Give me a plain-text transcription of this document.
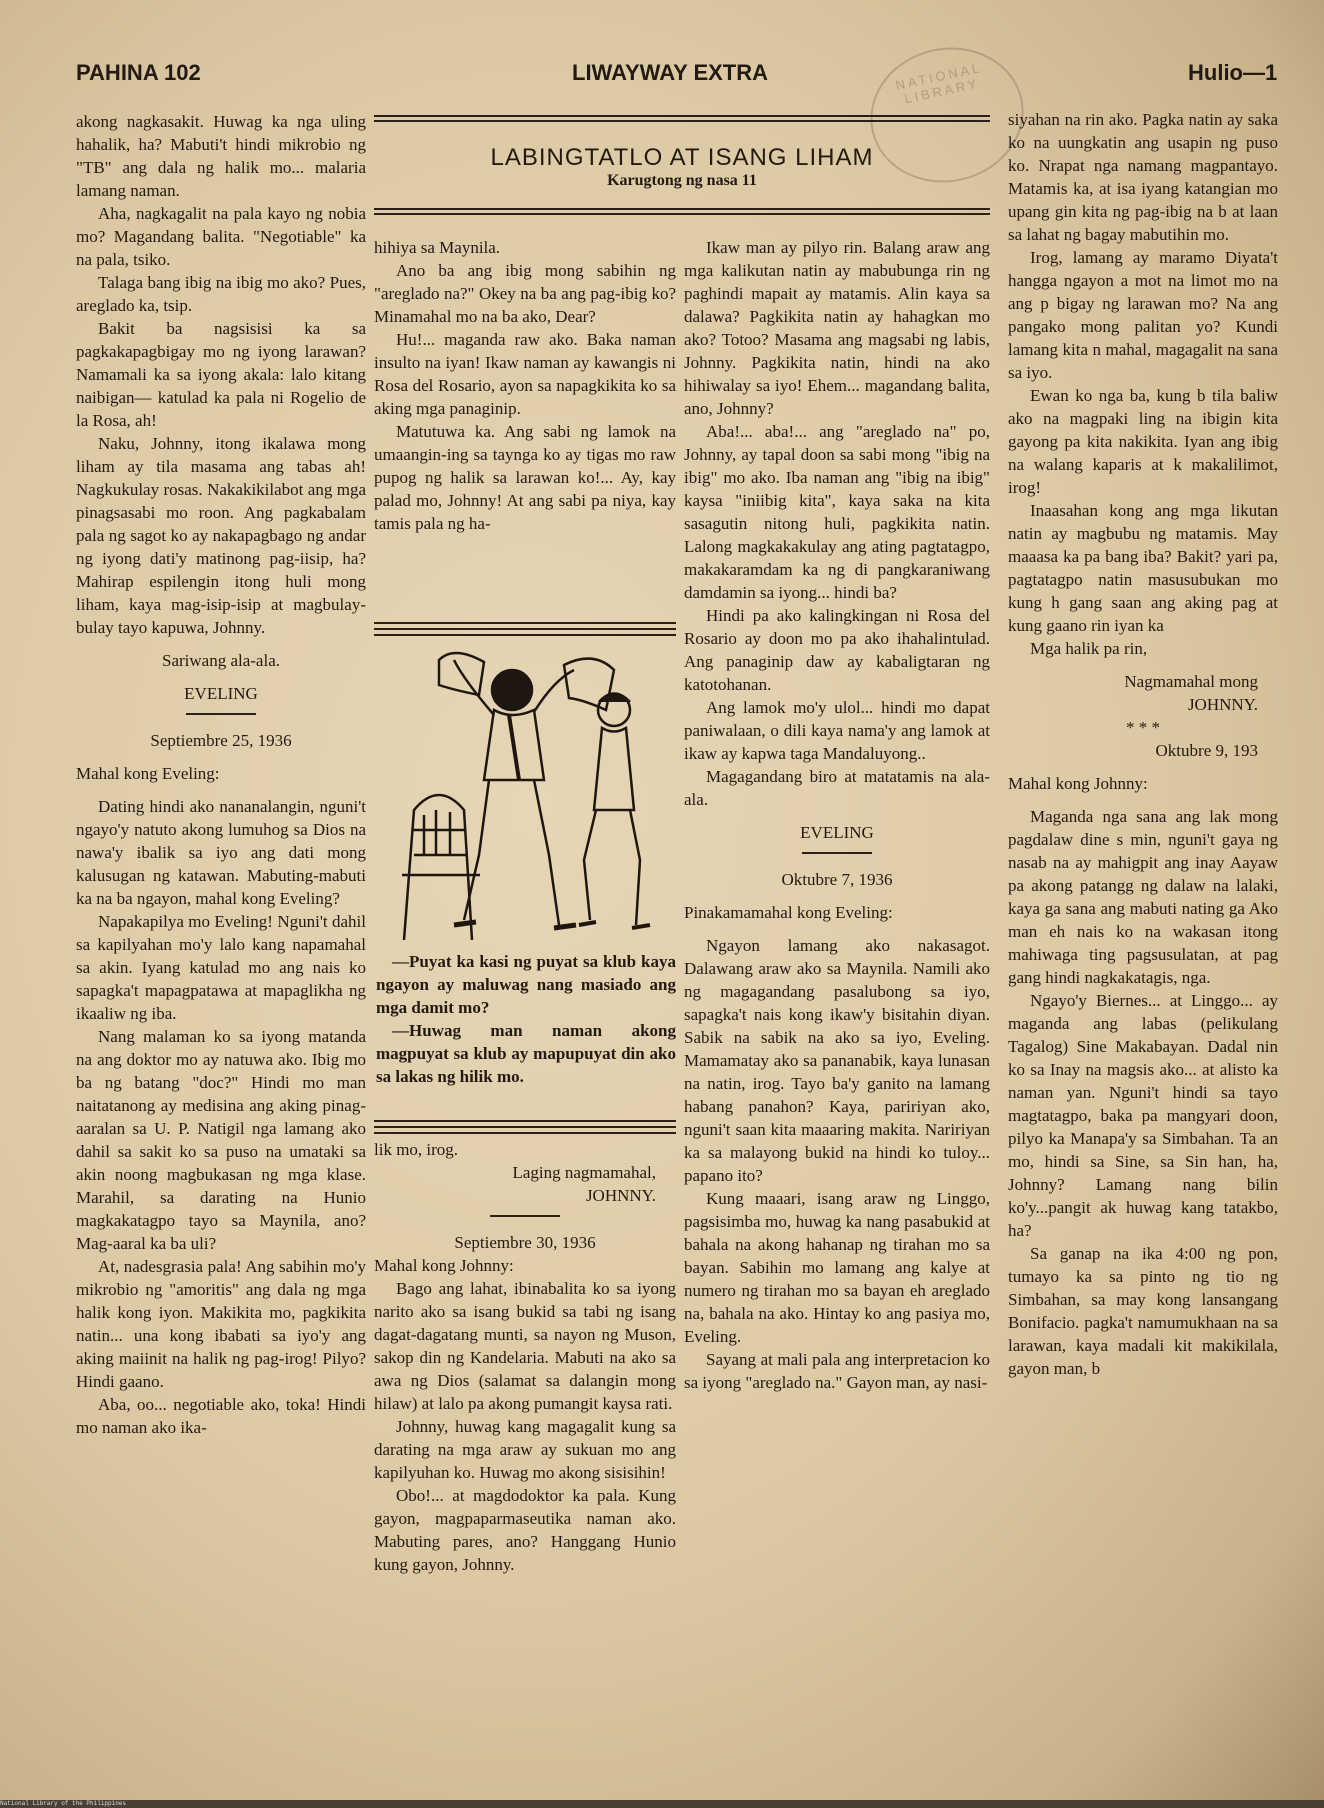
PAHINA 102	LIWAYWAY EXTRA	Hulio—1
NATIONAL LIBRARY

akong nagkasakit. Huwag ka nga uling hahalik, ha? Mabuti't hindi mikrobio ng "TB" ang dala ng halik mo... malaria lamang naman.

Aha, nagkagalit na pala kayo ng nobia mo? Magandang balita. "Negotiable" ka na pala, tsiko.

Talaga bang ibig na ibig mo ako? Pues, areglado ka, tsip.

Bakit ba nagsisisi ka sa pagkakapagbigay mo ng iyong larawan? Namamali ka sa iyong akala: lalo kitang naibigan— katulad ka pala ni Rogelio de la Rosa, ah!

Naku, Johnny, itong ikalawa mong liham ay tila masama ang tabas ah! Nagkukulay rosas. Nakakikilabot ang mga pinagsasabi mo roon. Ang pagkabalam pala ng sagot ko ay nakapagbago ng andar ng iyong dati'y matinong pag-iisip, ha? Mahirap espilengin itong huli mong liham, kaya mag-isip-isip at magbulay-bulay tayo kapuwa, Johnny.

Sariwang ala-ala.

EVELING

Septiembre 25, 1936

Mahal kong Eveling:

Dating hindi ako nananalangin, nguni't ngayo'y natuto akong lumuhog sa Dios na nawa'y ibalik sa iyo ang dati mong kalusugan ng katawan. Mabuting-mabuti ka na ba ngayon, mahal kong Eveling?

Napakapilya mo Eveling! Nguni't dahil sa kapilyahan mo'y lalo kang napamahal sa akin. Iyang katulad mo ang nais ko sapagka't mapagpatawa at mapaglikha ng ikaaliw ng iba.

Nang malaman ko sa iyong matanda na ang doktor mo ay natuwa ako. Ibig mo ba ng batang "doc?" Hindi mo man naitatanong ay medisina ang aking pinag-aaralan sa U. P. Natigil nga lamang ako dahil sa sakit ko sa puso na umataki sa akin noong magbukasan ng mga klase. Marahil, sa darating na Hunio magkakatagpo tayo sa Maynila, ano? Mag-aaral ka ba uli?

At, nadesgrasia pala! Ang sabihin mo'y mikrobio ng "amoritis" ang dala ng mga halik kong iyon. Makikita mo, pagkikita natin... una kong ibabati sa iyo'y ang aking maiinit na halik ng pag-irog! Pilyo? Hindi gaano.

Aba, oo... negotiable ako, toka! Hindi mo naman ako ika-

LABINGTATLO AT ISANG LIHAM
Karugtong ng nasa 11

hihiya sa Maynila.

Ano ba ang ibig mong sabihin ng "areglado na?" Okey na ba ang pag-ibig ko? Minamahal mo na ba ako, Dear?

Hu!... maganda raw ako. Baka naman insulto na iyan! Ikaw naman ay kawangis ni Rosa del Rosario, ayon sa napagkikita ko sa aking mga panaginip.

Matutuwa ka. Ang sabi ng lamok na umaangin-ing sa taynga ko ay tigas mo raw pupog ng halik sa larawan ko!... Ay, kay palad mo, Johnny! At ang sabi pa niya, kay tamis pala ng ha-

—Puyat ka kasi ng puyat sa klub kaya ngayon ay maluwag nang masiado ang mga damit mo?

—Huwag man naman akong magpuyat sa klub ay mapupuyat din ako sa lakas ng hilik mo.

lik mo, irog.

Laging nagmamahal,

JOHNNY.

Septiembre 30, 1936

Mahal kong Johnny:

Bago ang lahat, ibinabalita ko sa iyong narito ako sa isang bukid sa tabi ng isang dagat-dagatang munti, sa nayon ng Muson, sakop din ng Kandelaria. Mabuti na ako sa awa ng Dios (salamat sa dalangin mong hilaw) at lalo pa akong pumangit kaysa rati.

Johnny, huwag kang magagalit kung sa darating na mga araw ay sukuan mo ang kapilyuhan ko. Huwag mo akong sisisihin!

Obo!... at magdodoktor ka pala. Kung gayon, magpaparmaseutika naman ako. Mabuting pares, ano? Hanggang Hunio kung gayon, Johnny.

Ikaw man ay pilyo rin. Balang araw ang mga kalikutan natin ay mabubunga rin ng paghindi mapait ay matamis. Alin kaya sa dalawa? Pagkikita natin ay hahagkan mo ako? Totoo? Masama ang magsabi ng labis, Johnny. Pagkikita natin, hindi na ako hihiwalay sa iyo! Ehem... magandang balita, ano, Johnny?

Aba!... aba!... ang "areglado na" po, Johnny, ay tapal doon sa sabi mong "ibig na ibig" mo ako. Iba naman ang "ibig na ibig" kaysa "iniibig kita", kaya saka na kita sasagutin nitong huli, pagkikita natin. Lalong magkakakulay ang ating pagtatagpo, makakaramdam ka ng di pangkaraniwang damdamin sa iyong... hindi ba?

Hindi pa ako kalingkingan ni Rosa del Rosario ay doon mo pa ako ihahalintulad. Ang panaginip daw ay kabaligtaran ng katotohanan.

Ang lamok mo'y ulol... hindi mo dapat paniwalaan, o dili kaya nama'y ang lamok at ikaw ay kapwa taga Mandaluyong..

Magagandang biro at matatamis na ala-ala.

EVELING

Oktubre 7, 1936

Pinakamamahal kong Eveling:

Ngayon lamang ako nakasagot. Dalawang araw ako sa Maynila. Namili ako ng magagandang pasalubong sa iyo, sapagka't nais kong ikaw'y bisitahin diyan. Sabik na sabik na ako sa iyo, Eveling. Mamamatay ako sa pananabik, kaya lunasan na natin, irog. Tayo ba'y ganito na lamang habang panahon? Kaya, paririyan ako, nguni't saan kita maaaring makita. Naririyan ka sa malayong bukid na hindi ko tuloy... papano ito?

Kung maaari, isang araw ng Linggo, pagsisimba mo, huwag ka nang pasabukid at bahala na akong hahanap ng tirahan mo sa bayan. Sabihin mo lamang ang kalye at numero ng tirahan mo sa bayan eh areglado na, bahala na ako. Hintay ko ang pasiya mo, Eveling.

Sayang at mali pala ang interpretacion ko sa iyong "areglado na." Gayon man, ay nasi-

siyahan na rin ako. Pagka natin ay saka ko na uungkatin ang usapin ng puso ko. Nrapat nga namang magpantayo. Matamis ka, at isa iyang katangian mo upang gin kita ng pag-ibig na b at laan sa lahat ng bagay mabutihin mo.

Irog, lamang ay maramo Diyata't hangga ngayon a mot na limot mo na ang p bigay ng larawan mo? Na ang pangako mong palitan yo? Kundi lamang kita n mahal, magagalit na sana sa iyo.

Ewan ko nga ba, kung b tila baliw ako na magpaki ling na ibigin kita gayong pa kita nakikita. Iyan ang ibig na walang kaparis at k makalilimot, irog!

Inaasahan kong ang mga likutan natin ay magbubu ng matamis. May maaasa ka pa bang iba? Bakit? yari pa, pagtatagpo natin masusubukan mo kung h gang saan ang aking pag at kung gaano rin iyan ka

Mga halik pa rin,

Nagmamahal mong

JOHNNY.

* * *

Oktubre 9, 193

Mahal kong Johnny:

Maganda nga sana ang lak mong pagdalaw dine s min, nguni't gaya ng nasab na ay mahigpit ang inay Aayaw pa akong patangg ng dalaw na lalaki, kaya ga sana ang mabuti nating ga Ako man eh nais ko na wakasan itong mahiwaga ting pagsusulatan, at pag gang hindi nagkakatagis, nga.

Ngayo'y Biernes... at Linggo... ay maganda ang labas (pelikulang Tagalog) Sine Makabayan. Dadal nin ko sa Inay na magsis ako... at alisto ka naman yan. Nguni't hindi sa tayo magtatagpo, baka pa mangyari doon, pilyo ka Manapa'y sa Simbahan. Ta an mo, hindi sa Sine, sa Sin han, ha, Johnny? Lamang nang bilin ko'y...pangit ak huwag kang tatakbo, ha?

Sa ganap na ika 4:00 ng pon, tumayo ka sa pinto ng tio ng Simbahan, sa may kong lansangang Bonifacio. pagka't namumukhaan na sa larawan, kaya madali kit makikilala, gayon man, b

National Library of the Philippines
